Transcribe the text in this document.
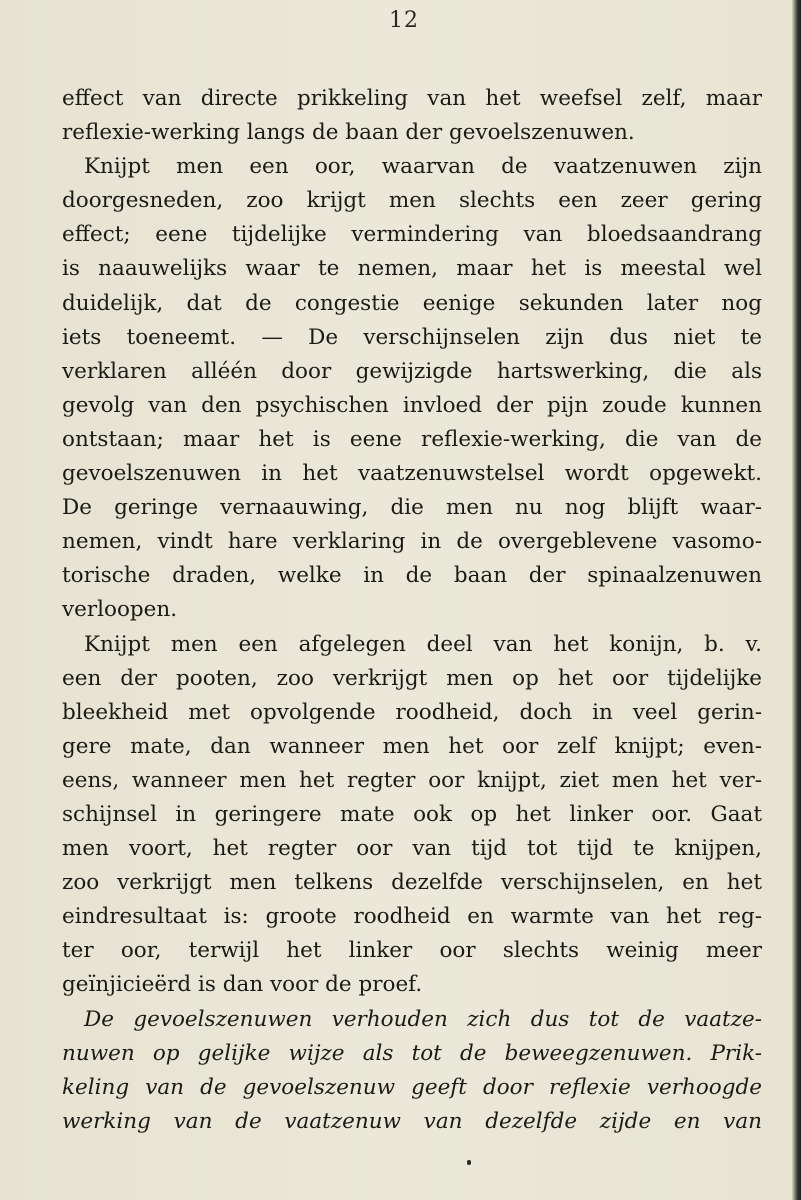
12
effect van directe prikkeling van het weefsel zelf, maar
reflexie-werking langs de baan der gevoelszenuwen.
Knijpt men een oor, waarvan de vaatzenuwen zijn
doorgesneden, zoo krijgt men slechts een zeer gering
effect; eene tijdelijke vermindering van bloedsaandrang
is naauwelijks waar te nemen, maar het is meestal wel
duidelijk, dat de congestie eenige sekunden later nog
iets toeneemt. — De verschijnselen zijn dus niet te
verklaren alléén door gewijzigde hartswerking, die als
gevolg van den psychischen invloed der pijn zoude kunnen
ontstaan; maar het is eene reflexie-werking, die van de
gevoelszenuwen in het vaatzenuwstelsel wordt opgewekt.
De geringe vernaauwing, die men nu nog blijft waar-
nemen, vindt hare verklaring in de overgeblevene vasomo-
torische draden, welke in de baan der spinaalzenuwen
verloopen.
Knijpt men een afgelegen deel van het konijn, b. v.
een der pooten, zoo verkrijgt men op het oor tijdelijke
bleekheid met opvolgende roodheid, doch in veel gerin-
gere mate, dan wanneer men het oor zelf knijpt; even-
eens, wanneer men het regter oor knijpt, ziet men het ver-
schijnsel in geringere mate ook op het linker oor. Gaat
men voort, het regter oor van tijd tot tijd te knijpen,
zoo verkrijgt men telkens dezelfde verschijnselen, en het
eindresultaat is: groote roodheid en warmte van het reg-
ter oor, terwijl het linker oor slechts weinig meer
geïnjicieërd is dan voor de proef.
De gevoelszenuwen verhouden zich dus tot de vaatze-
nuwen op gelijke wijze als tot de beweegzenuwen. Prik-
keling van de gevoelszenuw geeft door reflexie verhoogde
werking van de vaatzenuw van dezelfde zijde en van
